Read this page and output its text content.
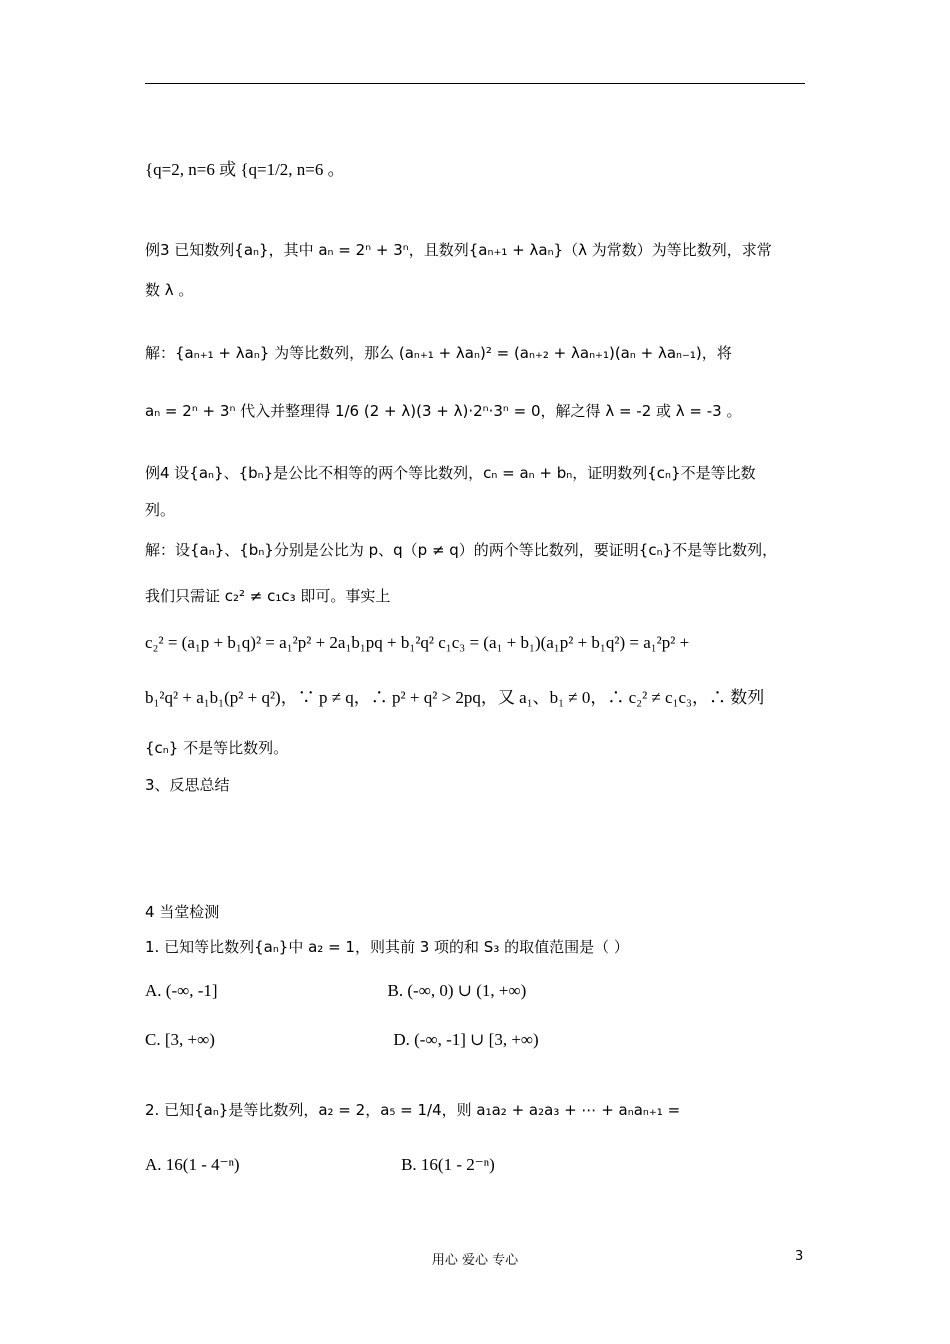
{q=2, n=6 或 {q=1/2, n=6 。
例3 已知数列{aₙ}，其中 aₙ = 2ⁿ + 3ⁿ，且数列{aₙ₊₁ + λaₙ}（λ 为常数）为等比数列，求常
数 λ 。
解：{aₙ₊₁ + λaₙ} 为等比数列，那么 (aₙ₊₁ + λaₙ)² = (aₙ₊₂ + λaₙ₊₁)(aₙ + λaₙ₋₁)，将
aₙ = 2ⁿ + 3ⁿ 代入并整理得 1/6 (2 + λ)(3 + λ)·2ⁿ·3ⁿ = 0，解之得 λ = -2 或 λ = -3 。
例4 设{aₙ}、{bₙ}是公比不相等的两个等比数列，cₙ = aₙ + bₙ，证明数列{cₙ}不是等比数
列。
解：设{aₙ}、{bₙ}分别是公比为 p、q（p ≠ q）的两个等比数列，要证明{cₙ}不是等比数列，
我们只需证 c₂² ≠ c₁c₃ 即可。事实上
c₂² = (a₁p + b₁q)² = a₁²p² + 2a₁b₁pq + b₁²q² c₁c₃ = (a₁ + b₁)(a₁p² + b₁q²) = a₁²p² +
b₁²q² + a₁b₁(p² + q²)，∵ p ≠ q，∴ p² + q² > 2pq，又 a₁、b₁ ≠ 0，∴ c₂² ≠ c₁c₃，∴ 数列
{cₙ} 不是等比数列。
3、反思总结
4 当堂检测
1. 已知等比数列{aₙ}中 a₂ = 1，则其前 3 项的和 S₃ 的取值范围是（ ）
A. (-∞, -1]                                        B. (-∞, 0) ∪ (1, +∞)
C. [3, +∞)                                          D. (-∞, -1] ∪ [3, +∞)
2. 已知{aₙ}是等比数列，a₂ = 2，a₅ = 1/4，则 a₁a₂ + a₂a₃ + ⋯ + aₙaₙ₊₁ =
A. 16(1 - 4⁻ⁿ)                                      B. 16(1 - 2⁻ⁿ)
用心 爱心 专心	3
